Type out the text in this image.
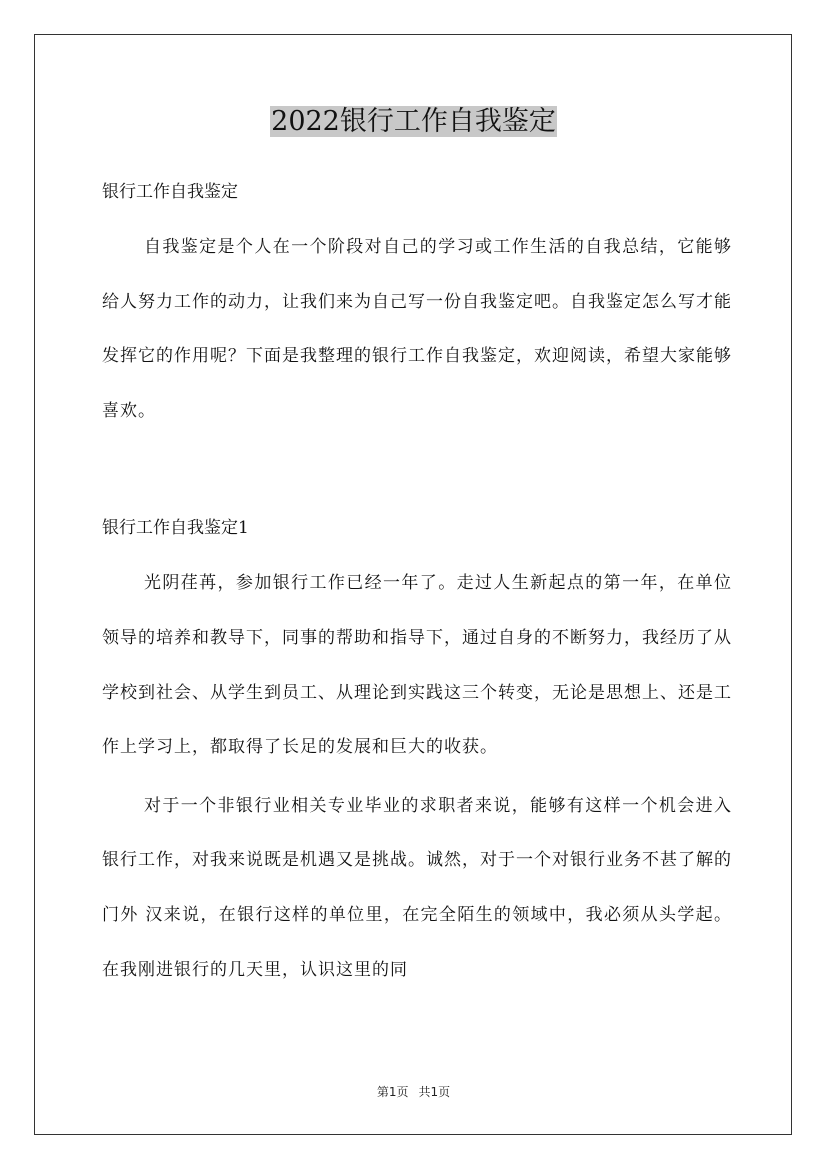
2022银行工作自我鉴定

银行工作自我鉴定

自我鉴定是个人在一个阶段对自己的学习或工作生活的自我总结，它能够给人努力工作的动力，让我们来为自己写一份自我鉴定吧。自我鉴定怎么写才能发挥它的作用呢？下面是我整理的银行工作自我鉴定，欢迎阅读，希望大家能够喜欢。

银行工作自我鉴定1

光阴荏苒，参加银行工作已经一年了。走过人生新起点的第一年，在单位领导的培养和教导下，同事的帮助和指导下，通过自身的不断努力，我经历了从学校到社会、从学生到员工、从理论到实践这三个转变，无论是思想上、还是工作上学习上，都取得了长足的发展和巨大的收获。

对于一个非银行业相关专业毕业的求职者来说，能够有这样一个机会进入银行工作，对我来说既是机遇又是挑战。诚然，对于一个对银行业务不甚了解的门外 汉来说，在银行这样的单位里，在完全陌生的领域中，我必须从头学起。在我刚进银行的几天里，认识这里的同

第1页 共1页
